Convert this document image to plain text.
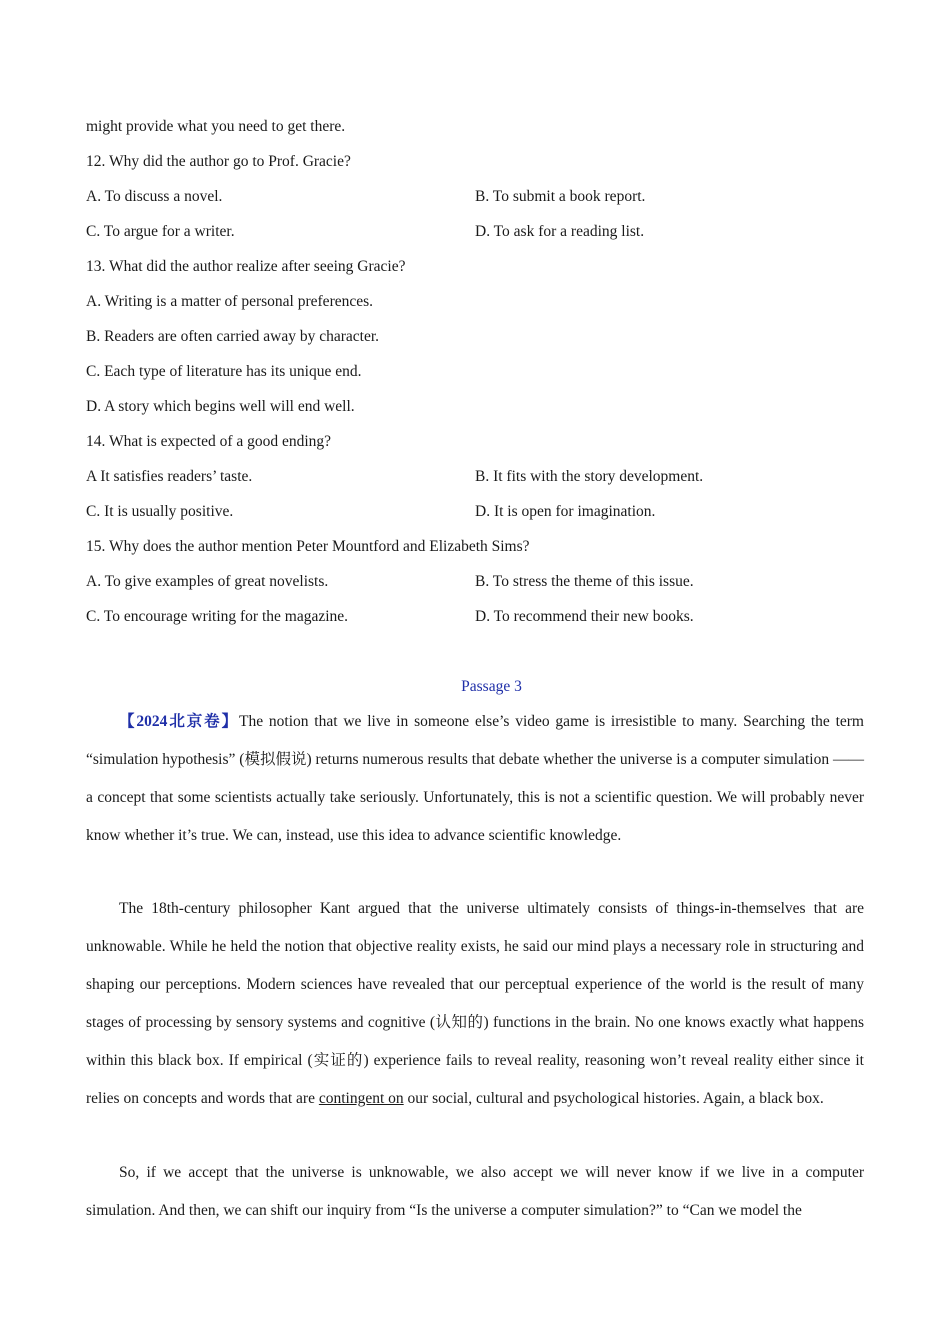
might provide what you need to get there.
12. Why did the author go to Prof. Gracie?
A. To discuss a novel.	B. To submit a book report.
C. To argue for a writer.	D. To ask for a reading list.
13. What did the author realize after seeing Gracie?
A. Writing is a matter of personal preferences.
B. Readers are often carried away by character.
C. Each type of literature has its unique end.
D. A story which begins well will end well.
14. What is expected of a good ending?
A It satisfies readers’ taste.	B. It fits with the story development.
C. It is usually positive.	D. It is open for imagination.
15. Why does the author mention Peter Mountford and Elizabeth Sims?
A. To give examples of great novelists.	B. To stress the theme of this issue.
C. To encourage writing for the magazine.	D. To recommend their new books.
Passage 3
【2024北京卷】The notion that we live in someone else’s video game is irresistible to many. Searching the term “simulation hypothesis” (模拟假说) returns numerous results that debate whether the universe is a computer simulation —— a concept that some scientists actually take seriously. Unfortunately, this is not a scientific question. We will probably never know whether it’s true. We can, instead, use this idea to advance scientific knowledge.
The 18th-century philosopher Kant argued that the universe ultimately consists of things-in-themselves that are unknowable. While he held the notion that objective reality exists, he said our mind plays a necessary role in structuring and shaping our perceptions. Modern sciences have revealed that our perceptual experience of the world is the result of many stages of processing by sensory systems and cognitive (认知的) functions in the brain. No one knows exactly what happens within this black box. If empirical (实证的) experience fails to reveal reality, reasoning won’t reveal reality either since it relies on concepts and words that are contingent on our social, cultural and psychological histories. Again, a black box.
So, if we accept that the universe is unknowable, we also accept we will never know if we live in a computer simulation. And then, we can shift our inquiry from “Is the universe a computer simulation?” to “Can we model the
